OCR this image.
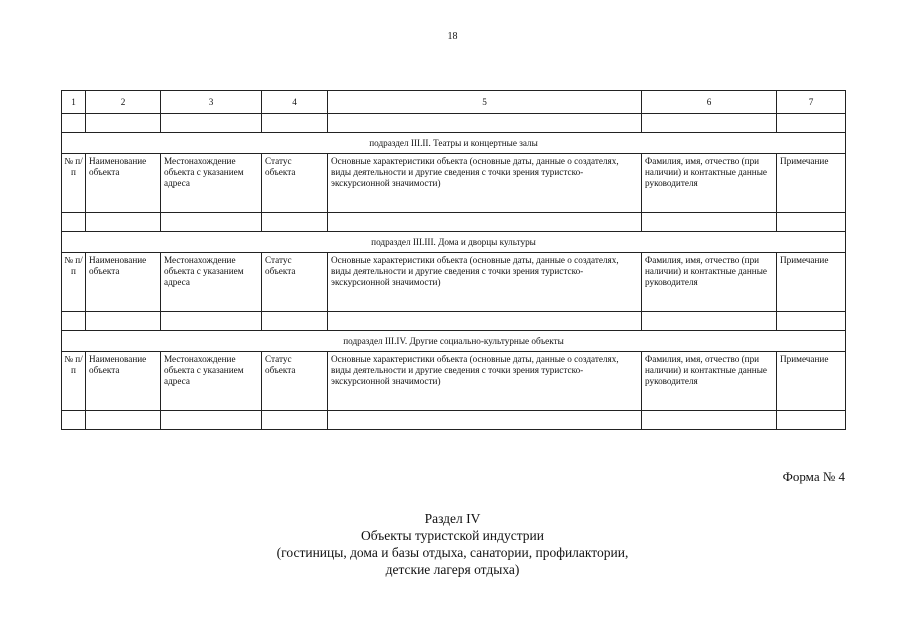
18
1	2	3	4	5	6	7

подраздел III.II. Театры и концертные залы						
№ п/п	Наименование объекта	Местонахождение объекта с указанием адреса	Статус объекта	Основные характеристики объекта (основные даты, данные о создателях, виды деятельности и другие сведения с точки зрения туристско-экскурсионной значимости)	Фамилия, имя, отчество (при наличии) и контактные данные руководителя	Примечание

подраздел III.III. Дома и дворцы культуры						
№ п/п	Наименование объекта	Местонахождение объекта с указанием адреса	Статус объекта	Основные характеристики объекта (основные даты, данные о создателях, виды деятельности и другие сведения с точки зрения туристско-экскурсионной значимости)	Фамилия, имя, отчество (при наличии) и контактные данные руководителя	Примечание

подраздел III.IV. Другие социально-культурные объекты						
№ п/п	Наименование объекта	Местонахождение объекта с указанием адреса	Статус объекта	Основные характеристики объекта (основные даты, данные о создателях, виды деятельности и другие сведения с точки зрения туристско-экскурсионной значимости)	Фамилия, имя, отчество (при наличии) и контактные данные руководителя	Примечание

Форма № 4
Раздел IV
Объекты туристской индустрии
(гостиницы, дома и базы отдыха, санатории, профилактории,
детские лагеря отдыха)
